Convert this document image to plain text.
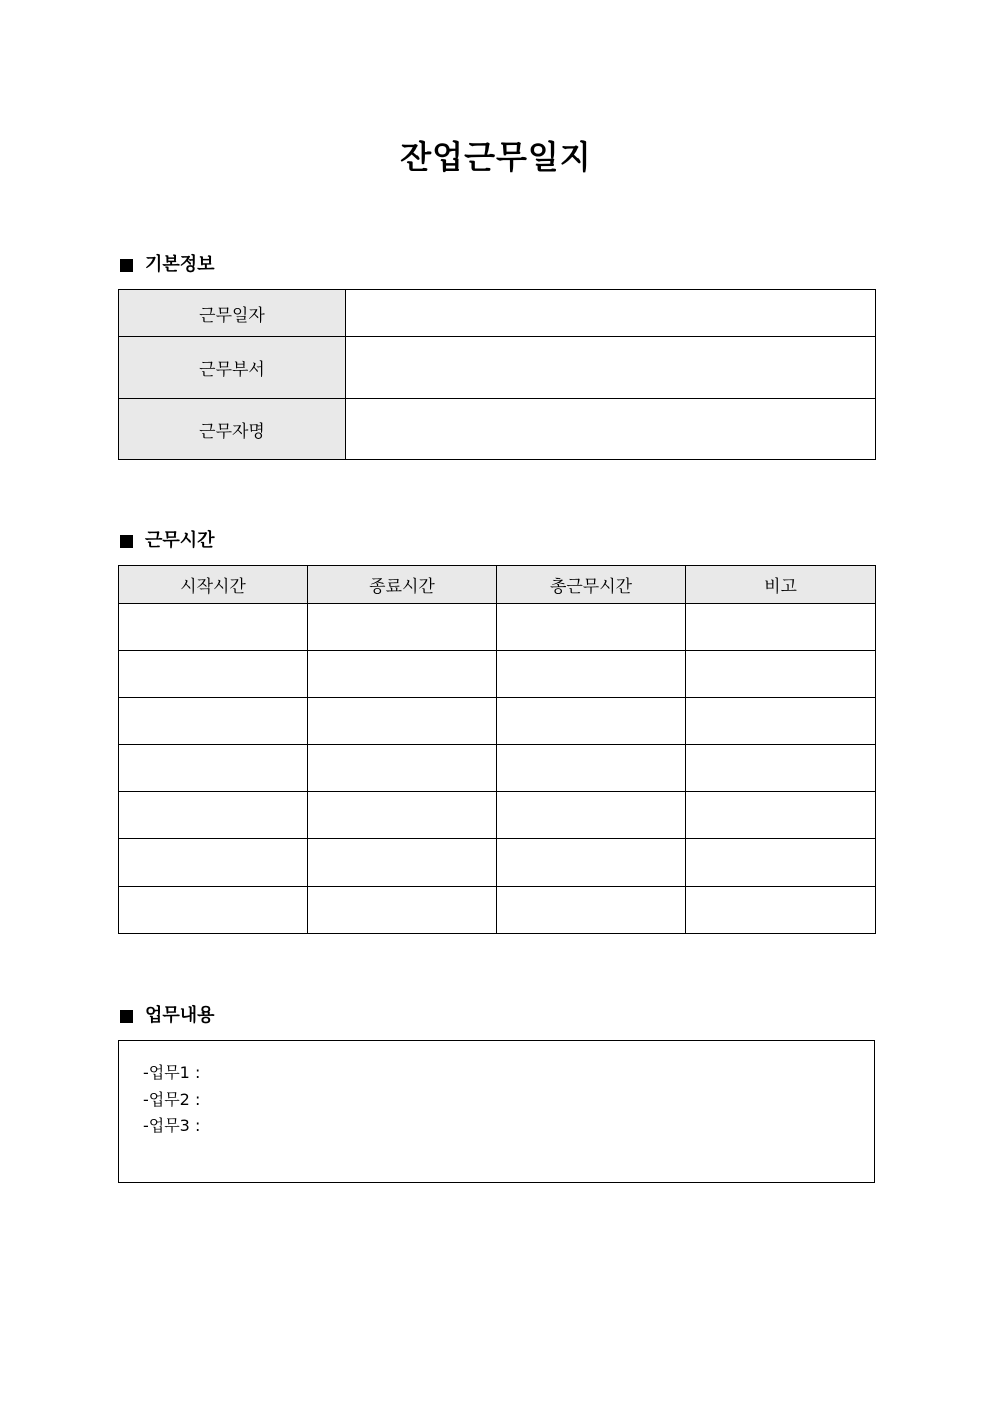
잔업근무일지
기본정보
근무일자	
근무부서	
근무자명	
근무시간
시작시간	종료시간	총근무시간	비고

업무내용
-업무1 :
-업무2 :
-업무3 :
